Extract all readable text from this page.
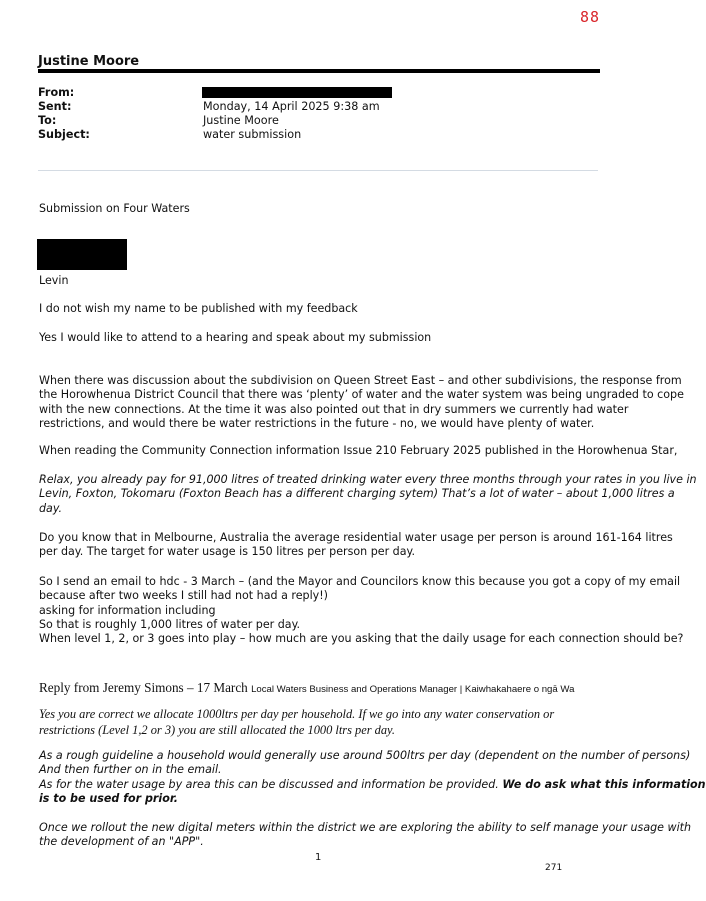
88
Justine Moore
From:
Sent:	Monday, 14 April 2025 9:38 am
To:	Justine Moore
Subject:	water submission
Submission on Four Waters
Levin
I do not wish my name to be published with my feedback
Yes I would like to attend to a hearing and speak about my submission
When there was discussion about the subdivision on Queen Street East – and other subdivisions, the response from
the Horowhenua District Council that there was ‘plenty’ of water and the water system was being ungraded to cope
with the new connections. At the time it was also pointed out that in dry summers we currently had water
restrictions, and would there be water restrictions in the future - no, we would have plenty of water.
When reading the Community Connection information Issue 210 February 2025 published in the Horowhenua Star,
Relax, you already pay for 91,000 litres of treated drinking water every three months through your rates in you live in
Levin, Foxton, Tokomaru (Foxton Beach has a different charging sytem) That’s a lot of water – about 1,000 litres a
day.
Do you know that in Melbourne, Australia the average residential water usage per person is around 161-164 litres
per day. The target for water usage is 150 litres per person per day.
So I send an email to hdc - 3 March – (and the Mayor and Councilors know this because you got a copy of my email
because after two weeks I still had not had a reply!)
asking for information including
So that is roughly 1,000 litres of water per day.
When level 1, 2, or 3 goes into play – how much are you asking that the daily usage for each connection should be?
Reply from Jeremy Simons – 17 March Local Waters Business and Operations Manager | Kaiwhakahaere o ngā Wa
Yes you are correct we allocate 1000ltrs per day per household. If we go into any water conservation or
restrictions (Level 1,2 or 3) you are still allocated the 1000 ltrs per day.
As a rough guideline a household would generally use around 500ltrs per day (dependent on the number of persons)
And then further on in the email.
As for the water usage by area this can be discussed and information be provided. We do ask what this information
is to be used for prior.
Once we rollout the new digital meters within the district we are exploring the ability to self manage your usage with
the development of an "APP".
1
271
